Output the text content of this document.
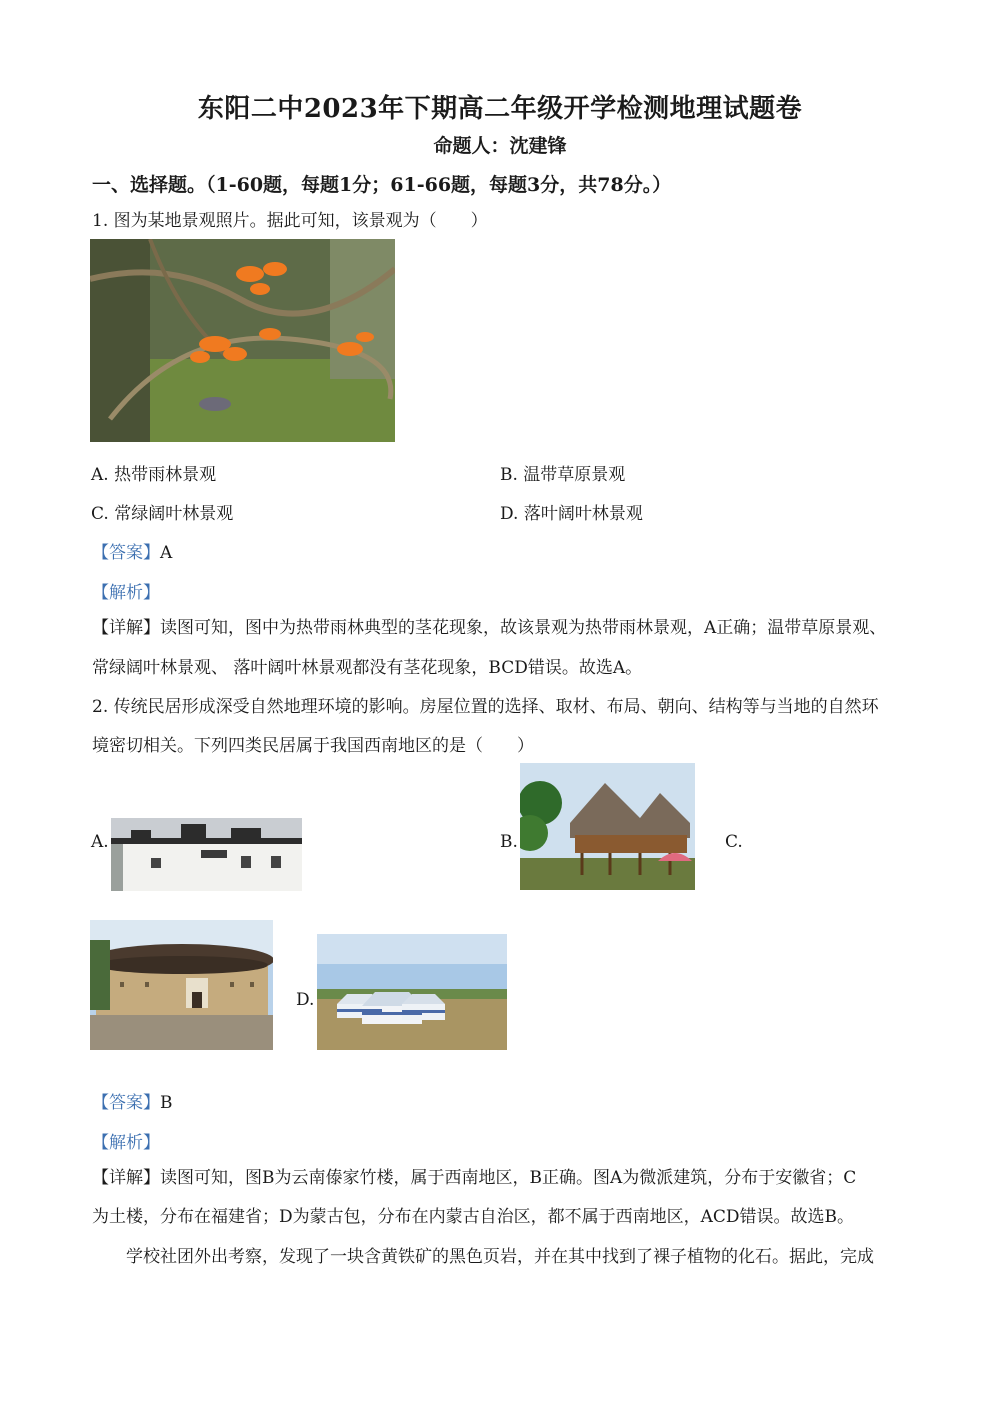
东阳二中2023年下期高二年级开学检测地理试题卷
命题人：沈建锋
一、选择题。（1-60题，每题1分；61-66题，每题3分，共78分。）
1. 图为某地景观照片。据此可知，该景观为（　　）
A. 热带雨林景观	B. 温带草原景观
C. 常绿阔叶林景观	D. 落叶阔叶林景观
【答案】A
【解析】
【详解】读图可知，图中为热带雨林典型的茎花现象，故该景观为热带雨林景观，A正确；温带草原景观、
常绿阔叶林景观、 落叶阔叶林景观都没有茎花现象，BCD错误。故选A。
2. 传统民居形成深受自然地理环境的影响。房屋位置的选择、取材、布局、朝向、结构等与当地的自然环
境密切相关。下列四类民居属于我国西南地区的是（　　）
A.	B.	C.
D.
【答案】B
【解析】
【详解】读图可知，图B为云南傣家竹楼，属于西南地区，B正确。图A为微派建筑，分布于安徽省；C
为土楼，分布在福建省；D为蒙古包，分布在内蒙古自治区，都不属于西南地区，ACD错误。故选B。
学校社团外出考察，发现了一块含黄铁矿的黑色页岩，并在其中找到了裸子植物的化石。据此，完成
